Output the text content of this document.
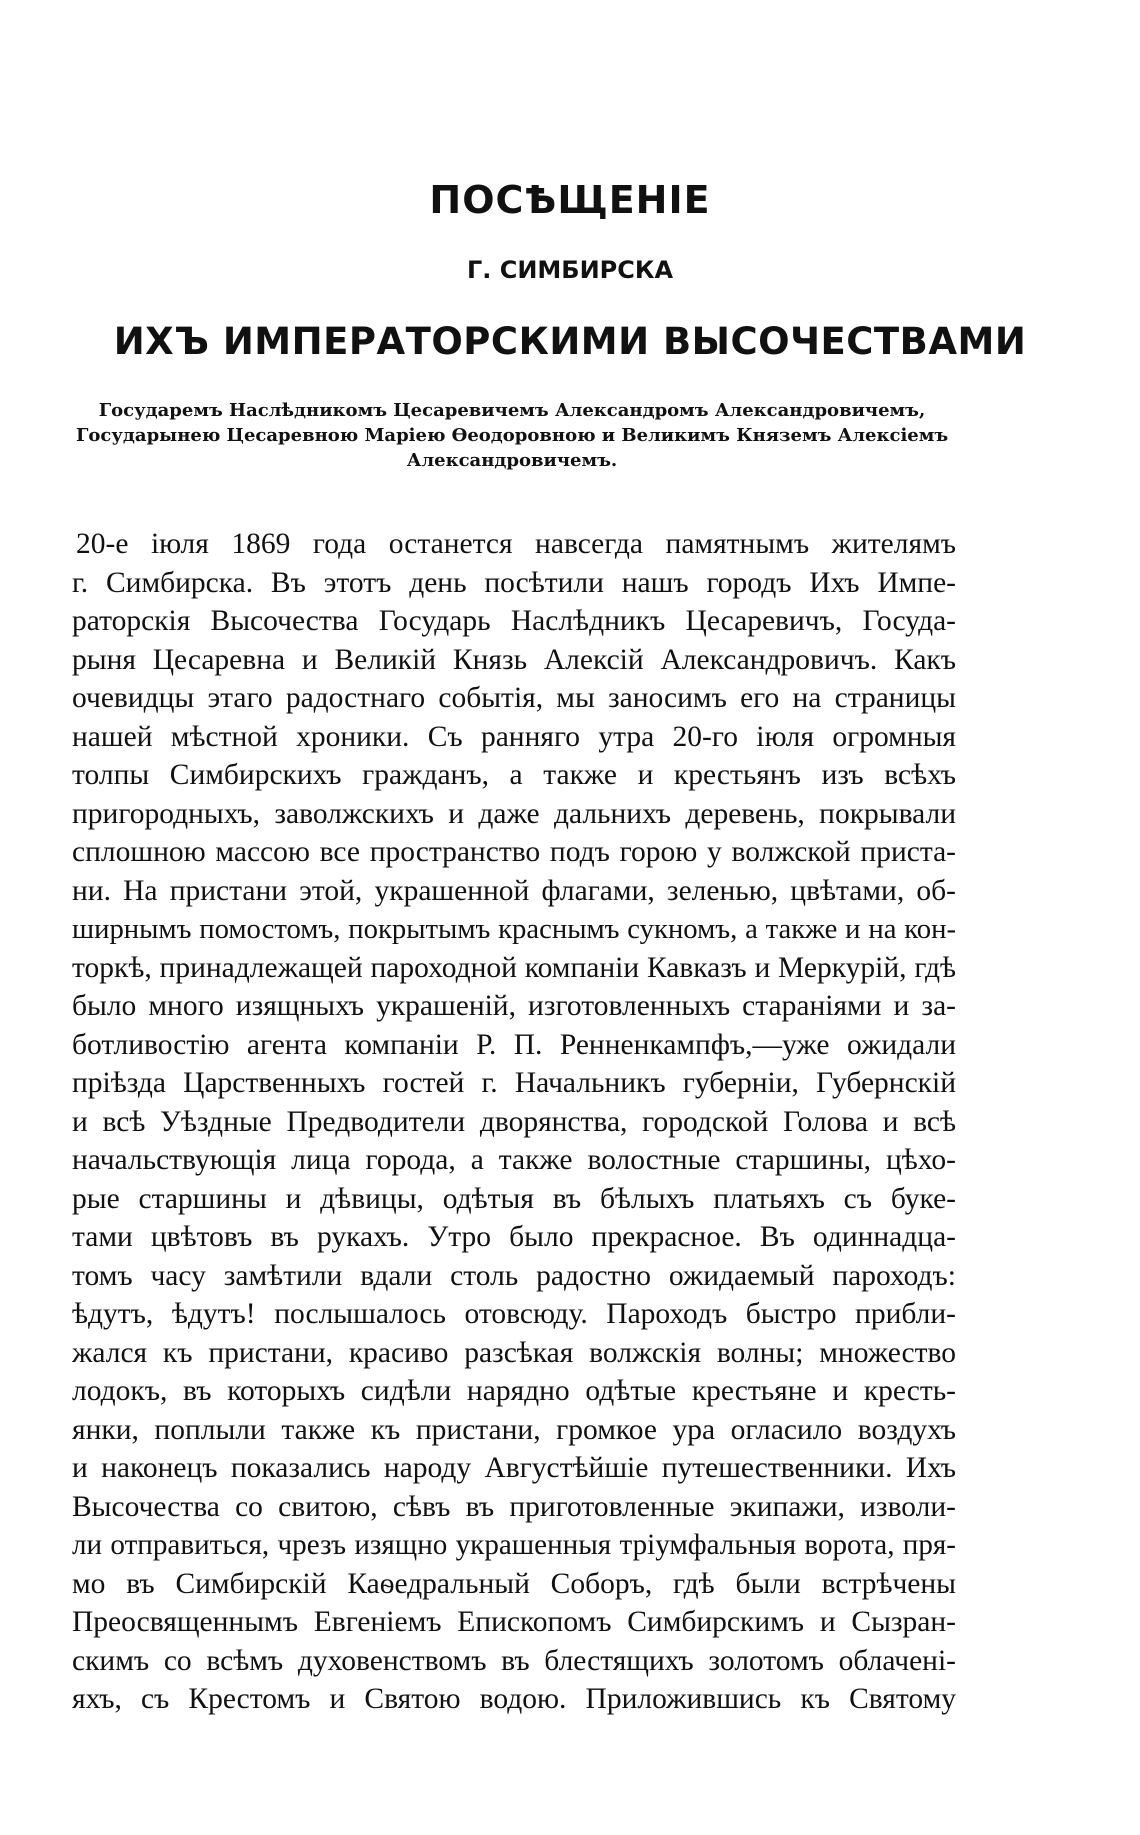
ПОСѢЩЕНІЕ
Г. СИМБИРСКА
ИХЪ ИМПЕРАТОРСКИМИ ВЫСОЧЕСТВАМИ
Государемъ Наслѣдникомъ Цесаревичемъ Александромъ Александровичемъ,
Государынею Цесаревною Маріею Ѳеодоровною и Великимъ Княземъ Алексіемъ
Александровичемъ.
20-е іюля 1869 года останется навсегда памятнымъ жителямъ
г. Симбирска. Въ этотъ день посѣтили нашъ городъ Ихъ Импе-
раторскія Высочества Государь Наслѣдникъ Цесаревичъ, Госуда-
рыня Цесаревна и Великій Князь Алексій Александровичъ. Какъ
очевидцы этаго радостнаго событія, мы заносимъ его на страницы
нашей мѣстной хроники. Съ ранняго утра 20-го іюля огромныя
толпы Симбирскихъ гражданъ, а также и крестьянъ изъ всѣхъ
пригородныхъ, заволжскихъ и даже дальнихъ деревень, покрывали
сплошною массою все пространство подъ горою у волжской приста-
ни. На пристани этой, украшенной флагами, зеленью, цвѣтами, об-
ширнымъ помостомъ, покрытымъ краснымъ сукномъ, а также и на кон-
торкѣ, принадлежащей пароходной компаніи Кавказъ и Меркурій, гдѣ
было много изящныхъ украшеній, изготовленныхъ стараніями и за-
ботливостію агента компаніи Р. П. Ренненкампфъ,—уже ожидали
пріѣзда Царственныхъ гостей г. Начальникъ губерніи, Губернскій
и всѣ Уѣздные Предводители дворянства, городской Голова и всѣ
начальствующія лица города, а также волостные старшины, цѣхо-
рые старшины и дѣвицы, одѣтыя въ бѣлыхъ платьяхъ съ буке-
тами цвѣтовъ въ рукахъ. Утро было прекрасное. Въ одиннадца-
томъ часу замѣтили вдали столь радостно ожидаемый пароходъ:
ѣдутъ, ѣдутъ! послышалось отовсюду. Пароходъ быстро прибли-
жался къ пристани, красиво разсѣкая волжскія волны; множество
лодокъ, въ которыхъ сидѣли нарядно одѣтые крестьяне и кресть-
янки, поплыли также къ пристани, громкое ура огласило воздухъ
и наконецъ показались народу Августѣйшіе путешественники. Ихъ
Высочества со свитою, сѣвъ въ приготовленные экипажи, изволи-
ли отправиться, чрезъ изящно украшенныя тріумфальныя ворота, пря-
мо въ Симбирскій Каѳедральный Соборъ, гдѣ были встрѣчены
Преосвященнымъ Евгеніемъ Епископомъ Симбирскимъ и Сызран-
скимъ со всѣмъ духовенствомъ въ блестящихъ золотомъ облаченi-
яхъ, съ Крестомъ и Святою водою. Приложившись къ Святому
